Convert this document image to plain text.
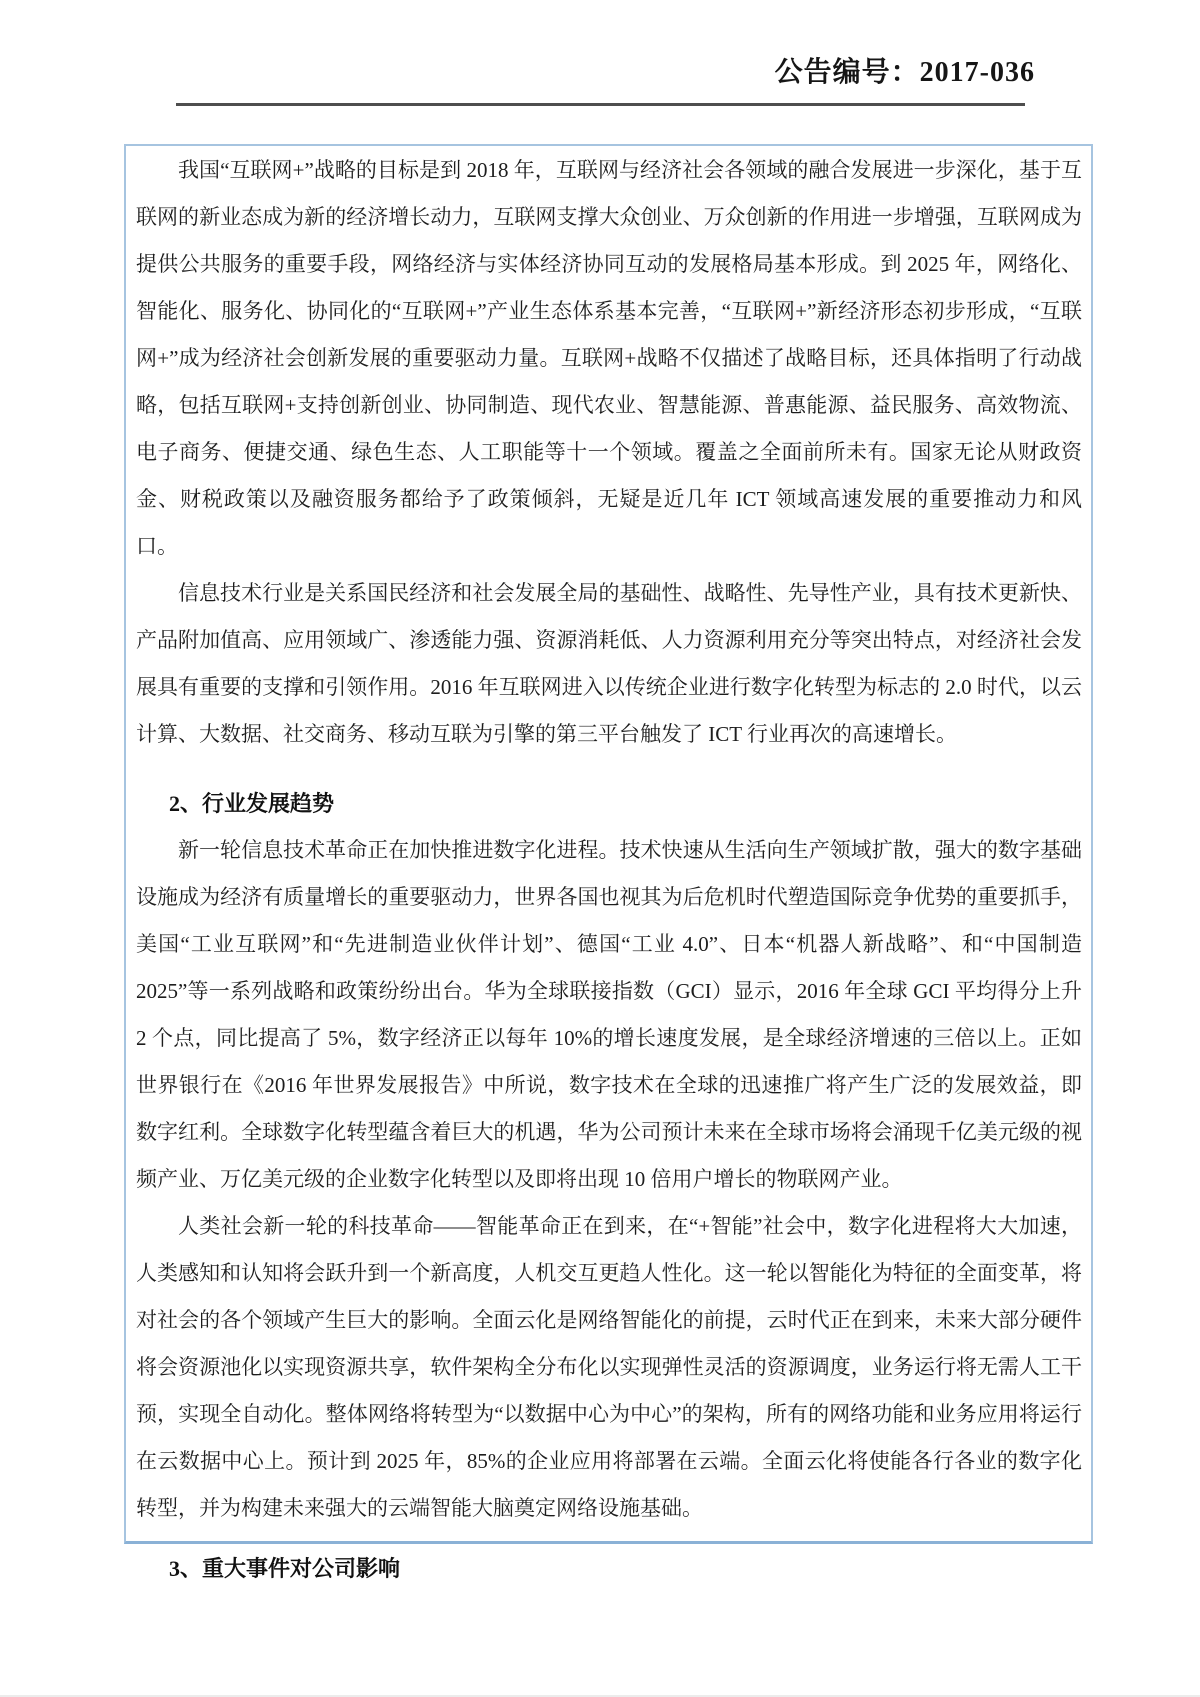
公告编号：2017-036

我国“互联网+”战略的目标是到 2018 年，互联网与经济社会各领域的融合发展进一步深化，基于互联网的新业态成为新的经济增长动力，互联网支撑大众创业、万众创新的作用进一步增强，互联网成为提供公共服务的重要手段，网络经济与实体经济协同互动的发展格局基本形成。到 2025 年，网络化、智能化、服务化、协同化的“互联网+”产业生态体系基本完善，“互联网+”新经济形态初步形成，“互联网+”成为经济社会创新发展的重要驱动力量。互联网+战略不仅描述了战略目标，还具体指明了行动战略，包括互联网+支持创新创业、协同制造、现代农业、智慧能源、普惠能源、益民服务、高效物流、电子商务、便捷交通、绿色生态、人工职能等十一个领域。覆盖之全面前所未有。国家无论从财政资金、财税政策以及融资服务都给予了政策倾斜，无疑是近几年 ICT 领域高速发展的重要推动力和风口。

信息技术行业是关系国民经济和社会发展全局的基础性、战略性、先导性产业，具有技术更新快、产品附加值高、应用领域广、渗透能力强、资源消耗低、人力资源利用充分等突出特点，对经济社会发展具有重要的支撑和引领作用。2016 年互联网进入以传统企业进行数字化转型为标志的 2.0 时代，以云计算、大数据、社交商务、移动互联为引擎的第三平台触发了 ICT 行业再次的高速增长。

2、行业发展趋势

新一轮信息技术革命正在加快推进数字化进程。技术快速从生活向生产领域扩散，强大的数字基础设施成为经济有质量增长的重要驱动力，世界各国也视其为后危机时代塑造国际竞争优势的重要抓手，美国“工业互联网”和“先进制造业伙伴计划”、德国“工业 4.0”、日本“机器人新战略”、和“中国制造 2025”等一系列战略和政策纷纷出台。华为全球联接指数（GCI）显示，2016 年全球 GCI 平均得分上升 2 个点，同比提高了 5%，数字经济正以每年 10%的增长速度发展，是全球经济增速的三倍以上。正如世界银行在《2016 年世界发展报告》中所说，数字技术在全球的迅速推广将产生广泛的发展效益，即数字红利。全球数字化转型蕴含着巨大的机遇，华为公司预计未来在全球市场将会涌现千亿美元级的视频产业、万亿美元级的企业数字化转型以及即将出现 10 倍用户增长的物联网产业。

人类社会新一轮的科技革命——智能革命正在到来，在“+智能”社会中，数字化进程将大大加速，人类感知和认知将会跃升到一个新高度，人机交互更趋人性化。这一轮以智能化为特征的全面变革，将对社会的各个领域产生巨大的影响。全面云化是网络智能化的前提，云时代正在到来，未来大部分硬件将会资源池化以实现资源共享，软件架构全分布化以实现弹性灵活的资源调度，业务运行将无需人工干预，实现全自动化。整体网络将转型为“以数据中心为中心”的架构，所有的网络功能和业务应用将运行在云数据中心上。预计到 2025 年，85%的企业应用将部署在云端。全面云化将使能各行各业的数字化转型，并为构建未来强大的云端智能大脑奠定网络设施基础。

3、重大事件对公司影响
